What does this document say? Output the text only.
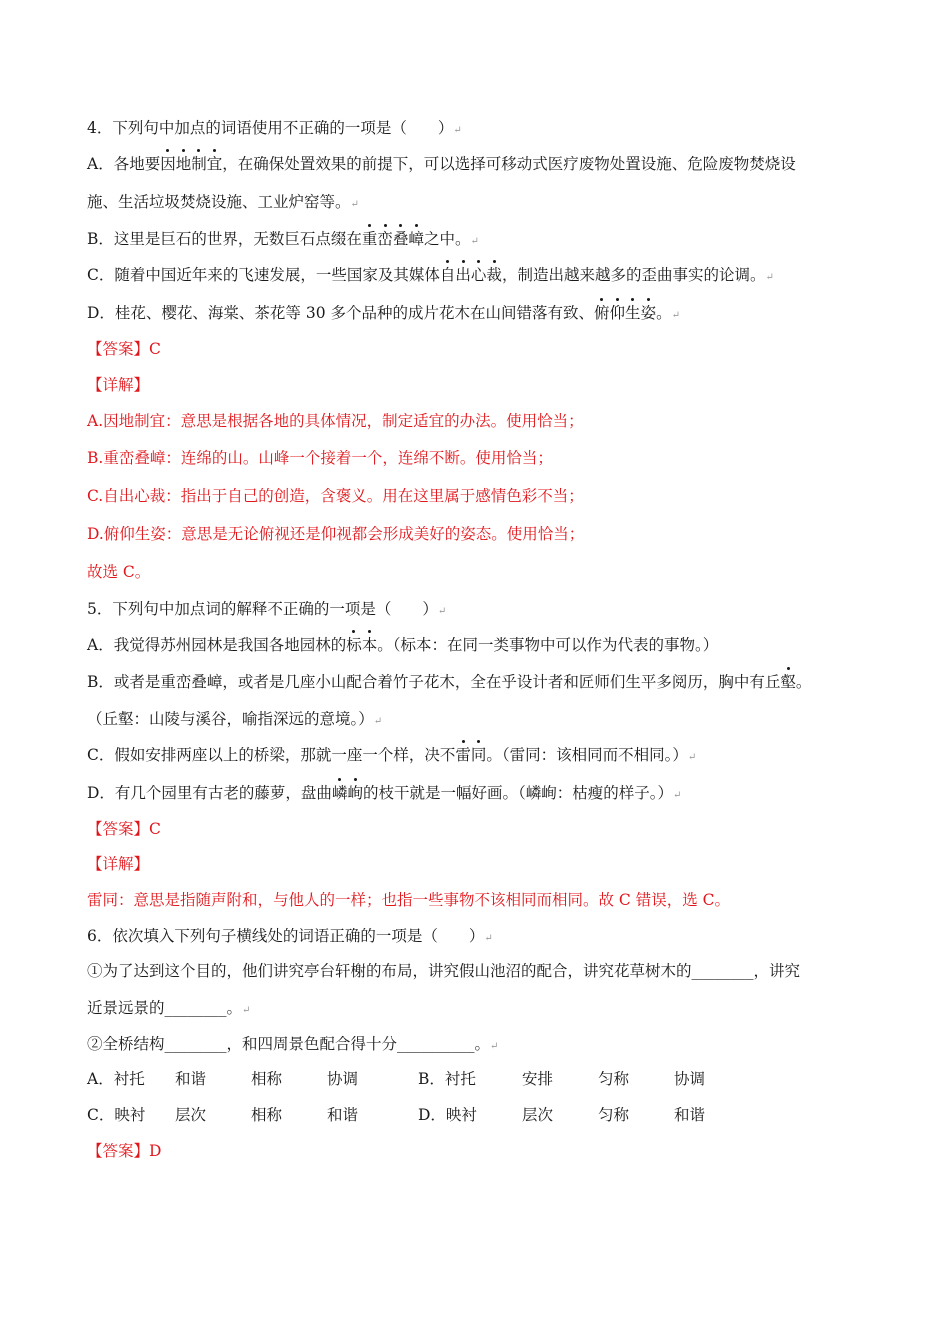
4．下列句中加点的词语使用不正确的一项是（　　）↵
A．各地要因地制宜，在确保处置效果的前提下，可以选择可移动式医疗废物处置设施、危险废物焚烧设
施、生活垃圾焚烧设施、工业炉窑等。↵
B．这里是巨石的世界，无数巨石点缀在重峦叠嶂之中。↵
C．随着中国近年来的飞速发展，一些国家及其媒体自出心裁，制造出越来越多的歪曲事实的论调。↵
D．桂花、樱花、海棠、茶花等 30 多个品种的成片花木在山间错落有致、俯仰生姿。↵
【答案】C
【详解】
A.因地制宜：意思是根据各地的具体情况，制定适宜的办法。使用恰当；
B.重峦叠嶂：连绵的山。山峰一个接着一个，连绵不断。使用恰当；
C.自出心裁：指出于自己的创造，含褒义。用在这里属于感情色彩不当；
D.俯仰生姿：意思是无论俯视还是仰视都会形成美好的姿态。使用恰当；
故选 C。
5．下列句中加点词的解释不正确的一项是（　　）↵
A．我觉得苏州园林是我国各地园林的标本。（标本：在同一类事物中可以作为代表的事物。）
B．或者是重峦叠嶂，或者是几座小山配合着竹子花木，全在乎设计者和匠师们生平多阅历，胸中有丘壑。
（丘壑：山陵与溪谷，喻指深远的意境。）↵
C．假如安排两座以上的桥梁，那就一座一个样，决不雷同。（雷同：该相同而不相同。）↵
D．有几个园里有古老的藤萝，盘曲嶙峋的枝干就是一幅好画。（嶙峋：枯瘦的样子。）↵
【答案】C
【详解】
雷同：意思是指随声附和，与他人的一样；也指一些事物不该相同而相同。故 C 错误，选 C。
6．依次填入下列句子横线处的词语正确的一项是（　　）↵
①为了达到这个目的，他们讲究亭台轩榭的布局，讲究假山池沼的配合，讲究花草树木的________，讲究
近景远景的________。↵
②全桥结构________，和四周景色配合得十分__________。↵
A．衬托 和谐	相称	协调	B．衬托	安排	匀称	协调
C．映衬 层次	相称	和谐	D．映衬	层次	匀称	和谐
【答案】D
